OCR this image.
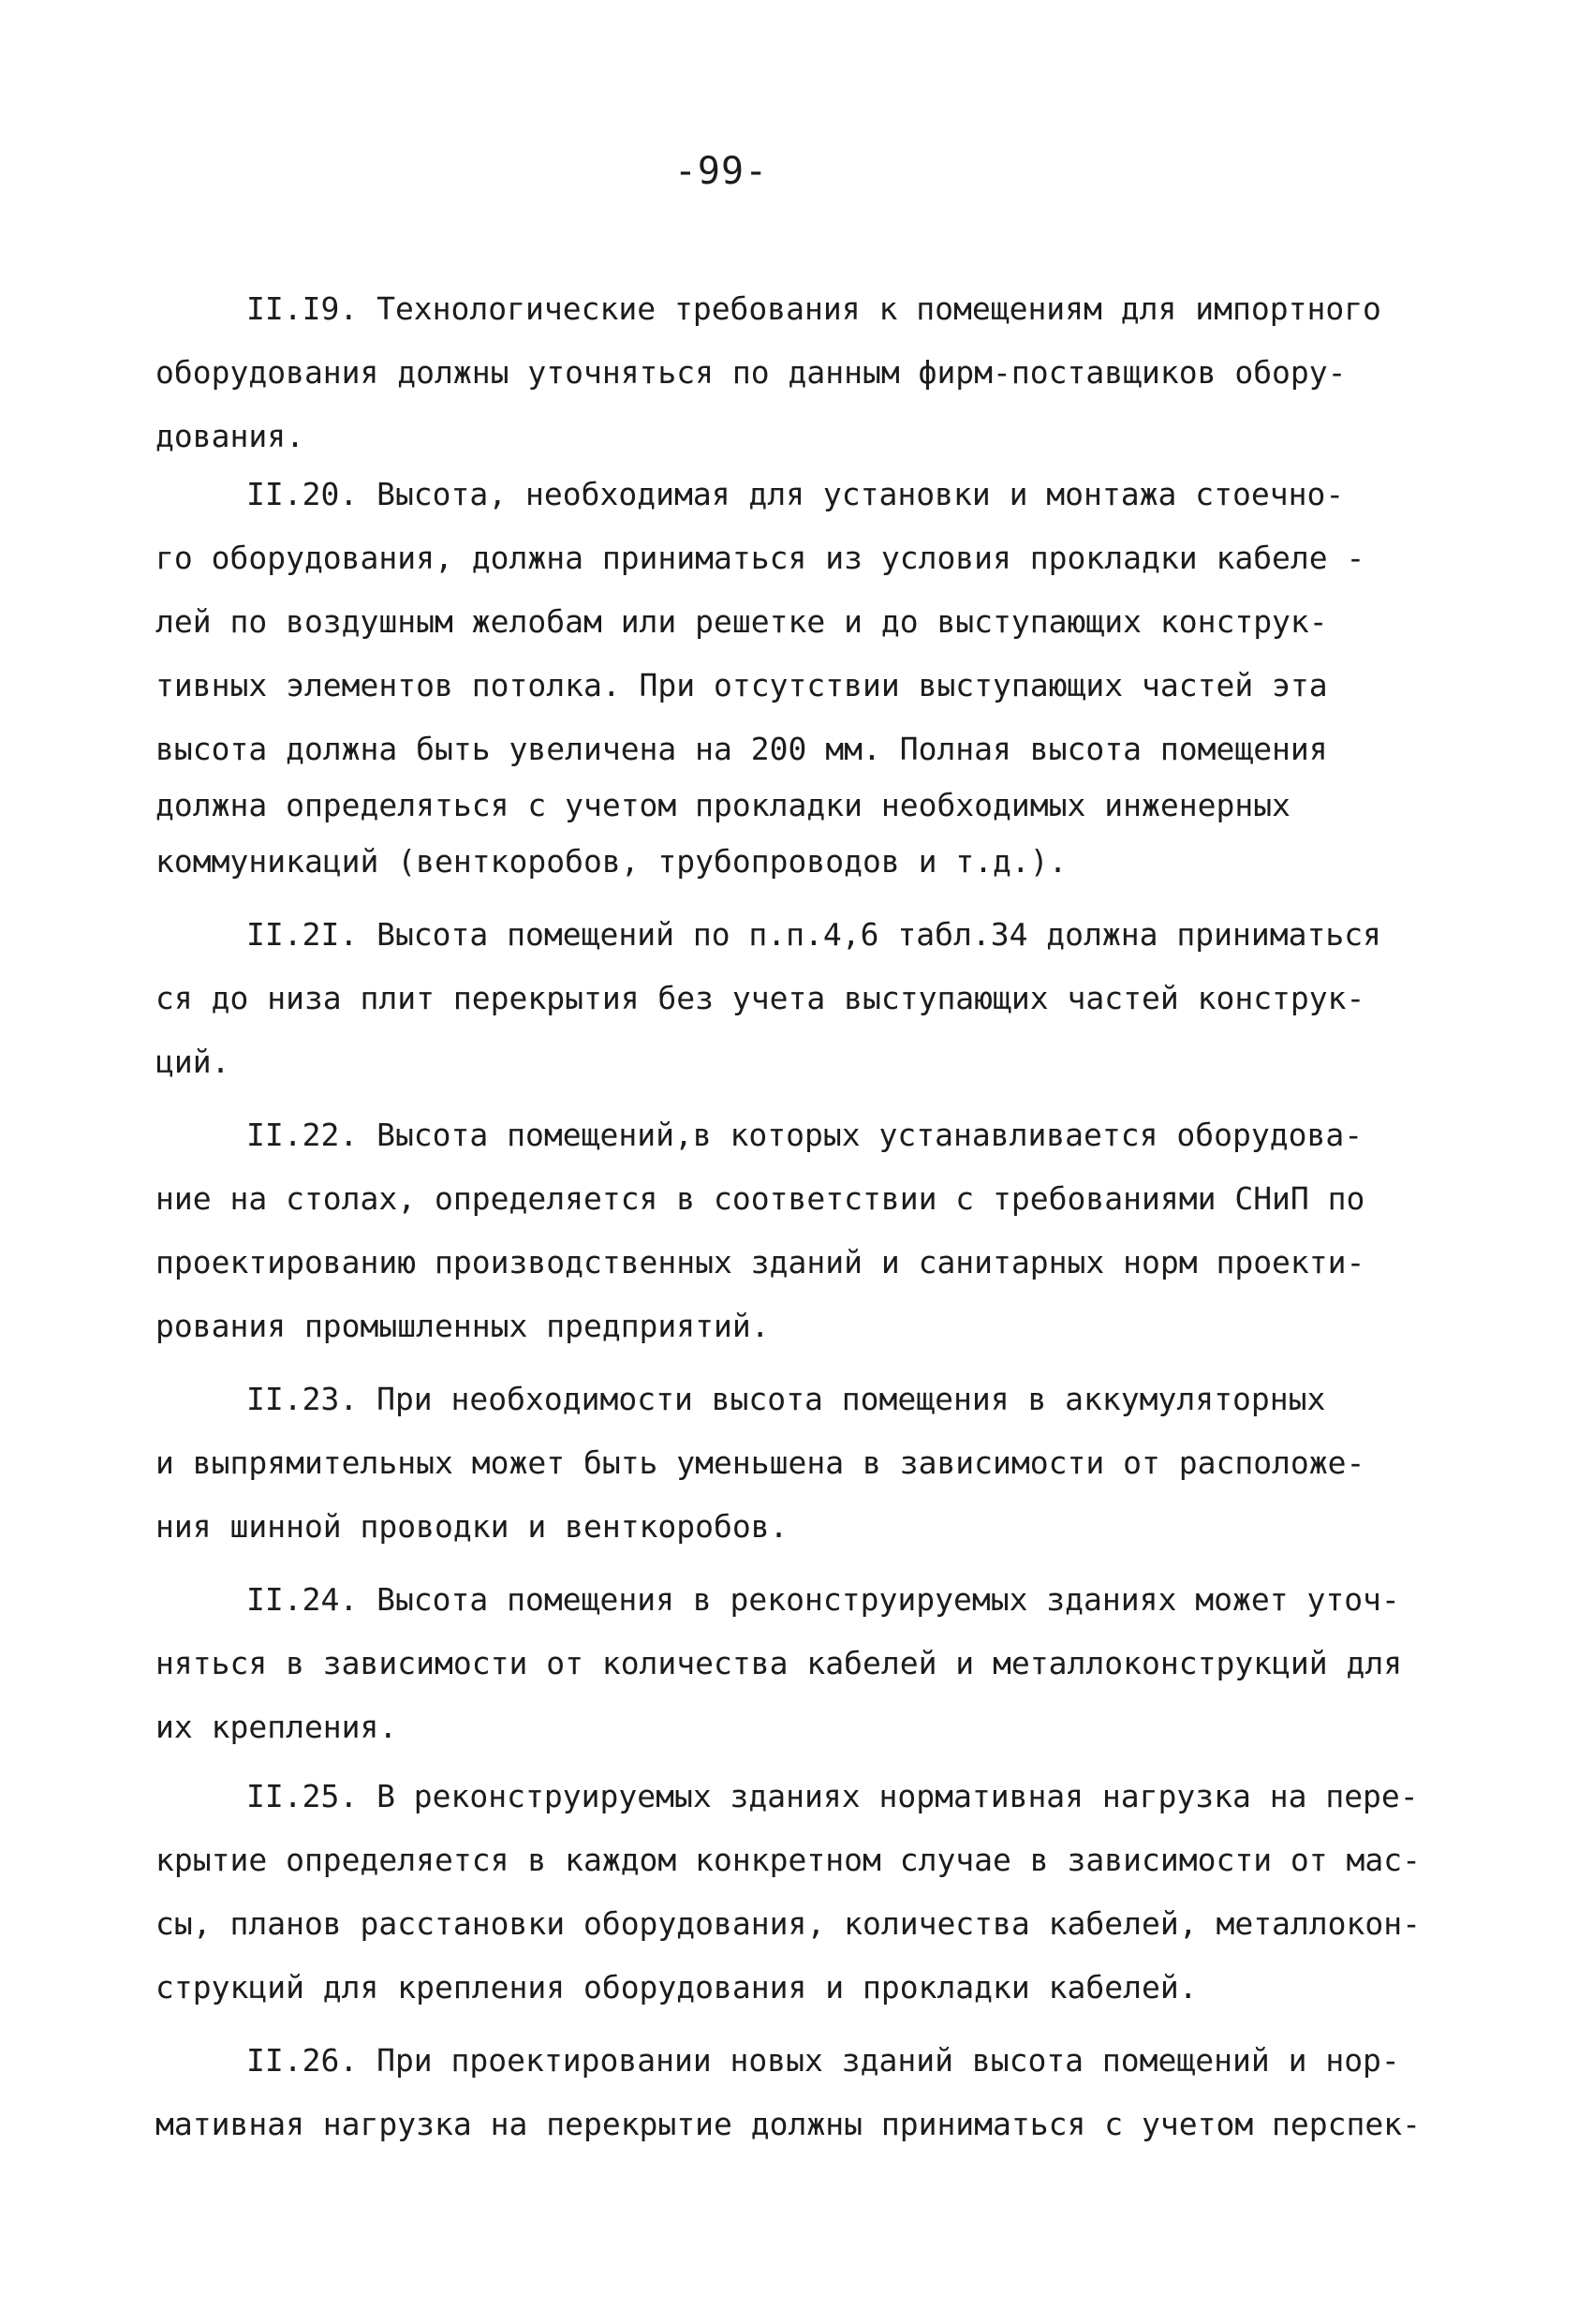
-99-
II.I9. Технологические требования к помещениям для импортного
оборудования должны уточняться по данным фирм-поставщиков обору-
дования.
II.20. Высота, необходимая для установки и монтажа стоечно-
го оборудования, должна приниматься из условия прокладки кабеле -
лей по воздушным желобам или решетке и до выступающих конструк-
тивных элементов потолка. При отсутствии выступающих частей эта
высота должна быть увеличена на 200 мм. Полная высота помещения
должна определяться с учетом прокладки необходимых инженерных
коммуникаций (венткоробов, трубопроводов и т.д.).
II.2I. Высота помещений по п.п.4,6 табл.34 должна приниматься
ся до низа плит перекрытия без учета выступающих частей конструк-
ций.
II.22. Высота помещений,в которых устанавливается оборудова-
ние на столах, определяется в соответствии с требованиями СНиП по
проектированию производственных зданий и санитарных норм проекти-
рования промышленных предприятий.
II.23. При необходимости высота помещения в аккумуляторных
и выпрямительных может быть уменьшена в зависимости от расположе-
ния шинной проводки и венткоробов.
II.24. Высота помещения в реконструируемых зданиях может уточ-
няться в зависимости от количества кабелей и металлоконструкций для
их крепления.
II.25. В реконструируемых зданиях нормативная нагрузка на пере-
крытие определяется в каждом конкретном случае в зависимости от мас-
сы, планов расстановки оборудования, количества кабелей, металлокон-
струкций для крепления оборудования и прокладки кабелей.
II.26. При проектировании новых зданий высота помещений и нор-
мативная нагрузка на перекрытие должны приниматься с учетом перспек-
